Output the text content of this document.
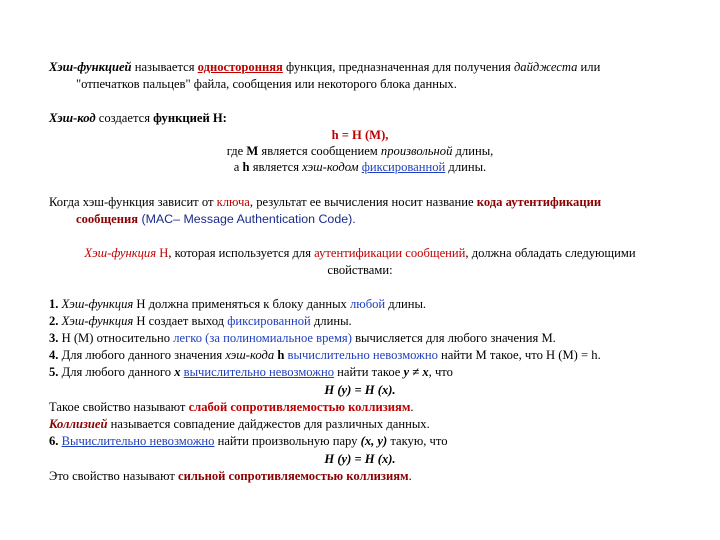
Хэш-функцией называется односторонняя функция, предназначенная для получения дайджеста или
"отпечатков пальцев" файла, сообщения или некоторого блока данных.
Хэш-код создается функцией Н:
h = H (M),
где М является сообщением произвольной длины,
а h является хэш-кодом фиксированной длины.
Когда хэш-функция зависит от ключа, результат ее вычисления носит название кода аутентификации
сообщения (MAC– Message Authentication Code).
Хэш-функция H, которая используется для аутентификации сообщений, должна обладать следующими
свойствами:
1. Хэш-функция Н должна применяться к блоку данных любой длины.
2. Хэш-функция Н создает выход фиксированной длины.
3. Н (М) относительно легко (за полиномиальное время) вычисляется для любого значения М.
4. Для любого данного значения хэш-кода h вычислительно невозможно найти M такое, что H (M) = h.
5. Для любого данного х вычислительно невозможно найти такое y ≠ x, что
H (y) = H (x).
Такое свойство называют слабой сопротивляемостью коллизиям.
Коллизией называется совпадение дайджестов для различных данных.
6. Вычислительно невозможно найти произвольную пару (х, y) такую, что
H (y) = H (x).
Это свойство называют сильной сопротивляемостью коллизиям.
